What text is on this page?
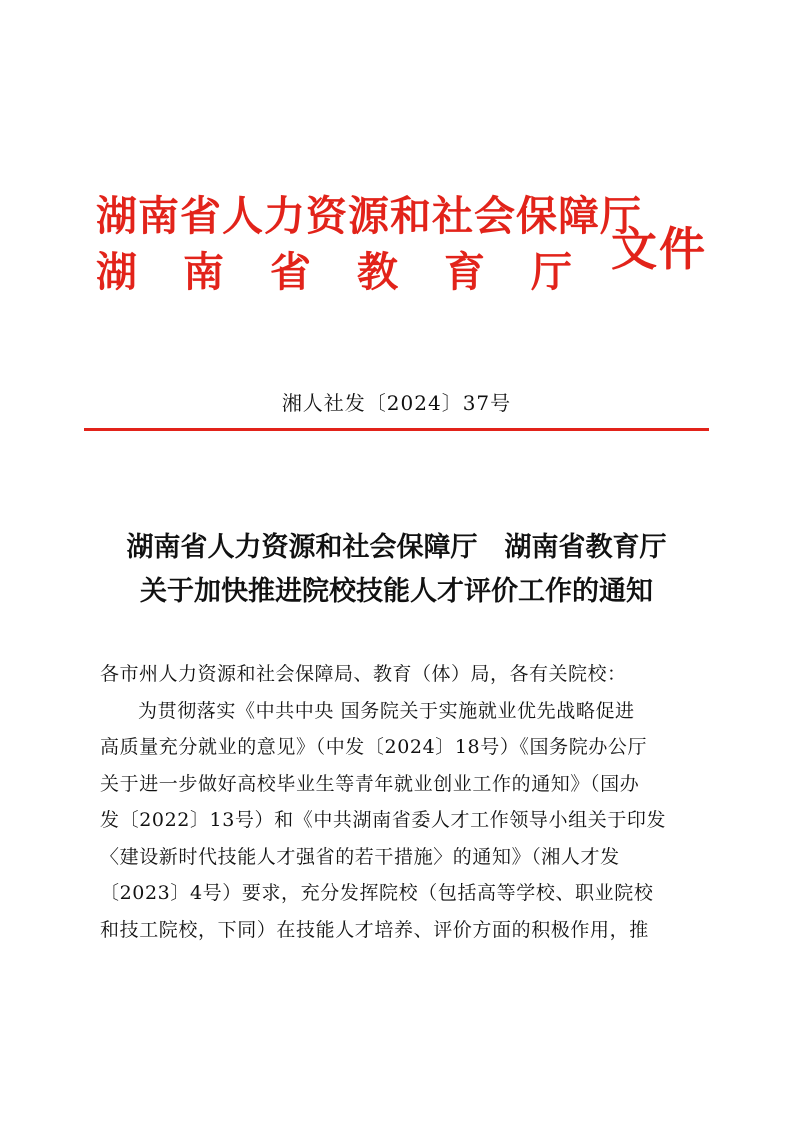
湖南省人力资源和社会保障厅
湖南省教育厅
文件
湘人社发〔2024〕37号
湖南省人力资源和社会保障厅　湖南省教育厅
关于加快推进院校技能人才评价工作的通知
各市州人力资源和社会保障局、教育（体）局，各有关院校：
为贯彻落实《中共中央 国务院关于实施就业优先战略促进
高质量充分就业的意见》（中发〔2024〕18号）《国务院办公厅
关于进一步做好高校毕业生等青年就业创业工作的通知》（国办
发〔2022〕13号）和《中共湖南省委人才工作领导小组关于印发
〈建设新时代技能人才强省的若干措施〉的通知》（湘人才发
〔2023〕4号）要求，充分发挥院校（包括高等学校、职业院校
和技工院校，下同）在技能人才培养、评价方面的积极作用，推
